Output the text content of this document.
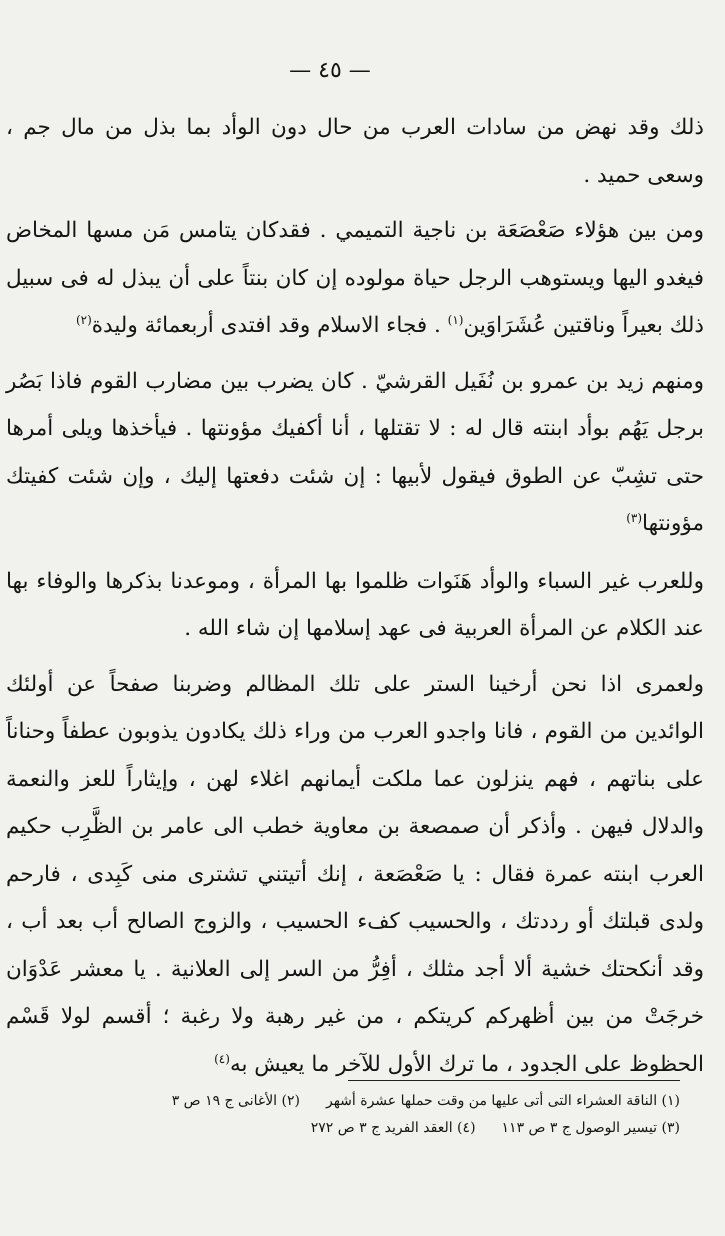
— ٤٥ —

ذلك وقد نهض من سادات العرب من حال دون الوأد بما بذل من مال جم ، وسعى حميد .

ومن بين هؤلاء صَعْصَعَة بن ناجية التميمي . فقدكان يتامس مَن مسها المخاض فيغدو اليها ويستوهب الرجل حياة مولوده إن كان بنتاً على أن يبذل له فى سبيل ذلك بعيراً وناقتين عُشَرَاوَين$^{(١)}$ . فجاء الاسلام وقد افتدى أربعمائة وليدة$^{(٢)}$

ومنهم زيد بن عمرو بن نُفَيل القرشيّ . كان يضرب بين مضارب القوم فاذا بَصُر برجل يَهُم بوأد ابنته قال له : لا تقتلها ، أنا أكفيك مؤونتها . فيأخذها ويلى أمرها حتى تشِبّ عن الطوق فيقول لأبيها : إن شئت دفعتها إليك ، وإن شئت كفيتك مؤونتها$^{(٣)}$

وللعرب غير السباء والوأد هَنَوات ظلموا بها المرأة ، وموعدنا بذكرها والوفاء بها عند الكلام عن المرأة العربية فى عهد إسلامها إن شاء الله .

ولعمرى اذا نحن أرخينا الستر على تلك المظالم وضربنا صفحاً عن أولئك الوائدين من القوم ، فانا واجدو العرب من وراء ذلك يكادون يذوبون عطفاً وحناناً على بناتهم ، فهم ينزلون عما ملكت أيمانهم اغلاء لهن ، وإيثاراً للعز والنعمة والدلال فيهن . وأذكر أن صمصعة بن معاوية خطب الى عامر بن الظَّرِب حكيم العرب ابنته عمرة فقال : يا صَعْصَعة ، إنك أتيتني تشترى منى كَبِدى ، فارحم ولدى قبلتك أو رددتك ، والحسيب كفء الحسيب ، والزوج الصالح أب بعد أب ، وقد أنكحتك خشية ألا أجد مثلك ، أفِرُّ من السر إلى العلانية . يا معشر عَدْوَان خرجَتْ من بين أظهركم كريتكم ، من غير رهبة ولا رغبة ؛ أقسم لولا قَسْم الحظوظ على الجدود ، ما ترك الأول للآخر ما يعيش به$^{(٤)}$

(١) الناقة العشراء التى أتى عليها من وقت حملها عشرة أشهر
(٢) الأغانى ج ١٩ ص ٣
(٣) تيسير الوصول ج ٣ ص ١١٣
(٤) العقد الفريد ج ٣ ص ٢٧٢
